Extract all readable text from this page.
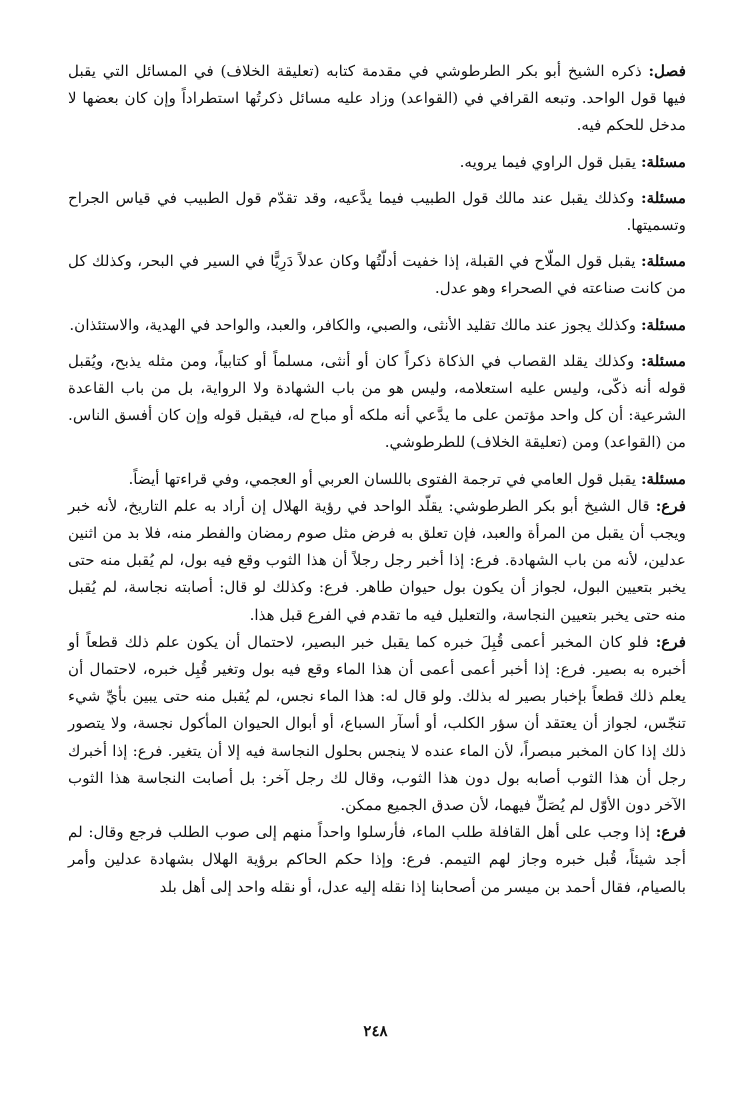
فصل: ذكره الشيخ أبو بكر الطرطوشي في مقدمة كتابه (تعليقة الخلاف) في المسائل التي يقبل فيها قول الواحد. وتبعه القرافي في (القواعد) وزاد عليه مسائل ذكرتُها استطراداً وإن كان بعضها لا مدخل للحكم فيه.

مسئلة: يقبل قول الراوي فيما يرويه.

مسئلة: وكذلك يقبل عند مالك قول الطبيب فيما يدَّعيه، وقد تقدّم قول الطبيب في قياس الجراح وتسميتها.

مسئلة: يقبل قول الملّاح في القبلة، إذا خفيت أدلّتُها وكان عدلاً دَرِيًّا في السير في البحر، وكذلك كل من كانت صناعته في الصحراء وهو عدل.

مسئلة: وكذلك يجوز عند مالك تقليد الأنثى، والصبي، والكافر، والعبد، والواحد في الهدية، والاستئذان.

مسئلة: وكذلك يقلد القصاب في الذكاة ذكراً كان أو أنثى، مسلماً أو كتابياً، ومن مثله يذبح، ويُقبل قوله أنه ذكّى، وليس عليه استعلامه، وليس هو من باب الشهادة ولا الرواية، بل من باب القاعدة الشرعية: أن كل واحد مؤتمن على ما يدَّعي أنه ملكه أو مباح له، فيقبل قوله وإن كان أفسق الناس. من (القواعد) ومن (تعليقة الخلاف) للطرطوشي.

مسئلة: يقبل قول العامي في ترجمة الفتوى باللسان العربي أو العجمي، وفي قراءتها أيضاً.

فرع: قال الشيخ أبو بكر الطرطوشي: يقلّد الواحد في رؤية الهلال إن أراد به علم التاريخ، لأنه خبر ويجب أن يقبل من المرأة والعبد، فإن تعلق به فرض مثل صوم رمضان والفطر منه، فلا بد من اثنين عدلين، لأنه من باب الشهادة. فرع: إذا أخبر رجل رجلاً أن هذا الثوب وقع فيه بول، لم يُقبل منه حتى يخبر بتعيين البول، لجواز أن يكون بول حيوان طاهر. فرع: وكذلك لو قال: أصابته نجاسة، لم يُقبل منه حتى يخبر بتعيين النجاسة، والتعليل فيه ما تقدم في الفرع قبل هذا.

فرع: فلو كان المخبر أعمى قُبِلَ خبره كما يقبل خبر البصير، لاحتمال أن يكون علم ذلك قطعاً أو أخبره به بصير. فرع: إذا أخبر أعمى أعمى أن هذا الماء وقع فيه بول وتغير قُبِل خبره، لاحتمال أن يعلم ذلك قطعاً بإخبار بصير له بذلك. ولو قال له: هذا الماء نجس، لم يُقبل منه حتى يبين بأيِّ شيء تنجّس، لجواز أن يعتقد أن سؤر الكلب، أو أسآر السباع، أو أبوال الحيوان المأكول نجسة، ولا يتصور ذلك إذا كان المخبر مبصراً، لأن الماء عنده لا ينجس بحلول النجاسة فيه إلا أن يتغير. فرع: إذا أخبرك رجل أن هذا الثوب أصابه بول دون هذا الثوب، وقال لك رجل آخر: بل أصابت النجاسة هذا الثوب الآخر دون الأوّل لم يُصَلِّ فيهما، لأن صدق الجميع ممكن.

فرع: إذا وجب على أهل القافلة طلب الماء، فأرسلوا واحداً منهم إلى صوب الطلب فرجع وقال: لم أجد شيئاً، قُبل خبره وجاز لهم التيمم. فرع: وإذا حكم الحاكم برؤية الهلال بشهادة عدلين وأمر بالصيام، فقال أحمد بن ميسر من أصحابنا إذا نقله إليه عدل، أو نقله واحد إلى أهل بلد

٢٤٨
